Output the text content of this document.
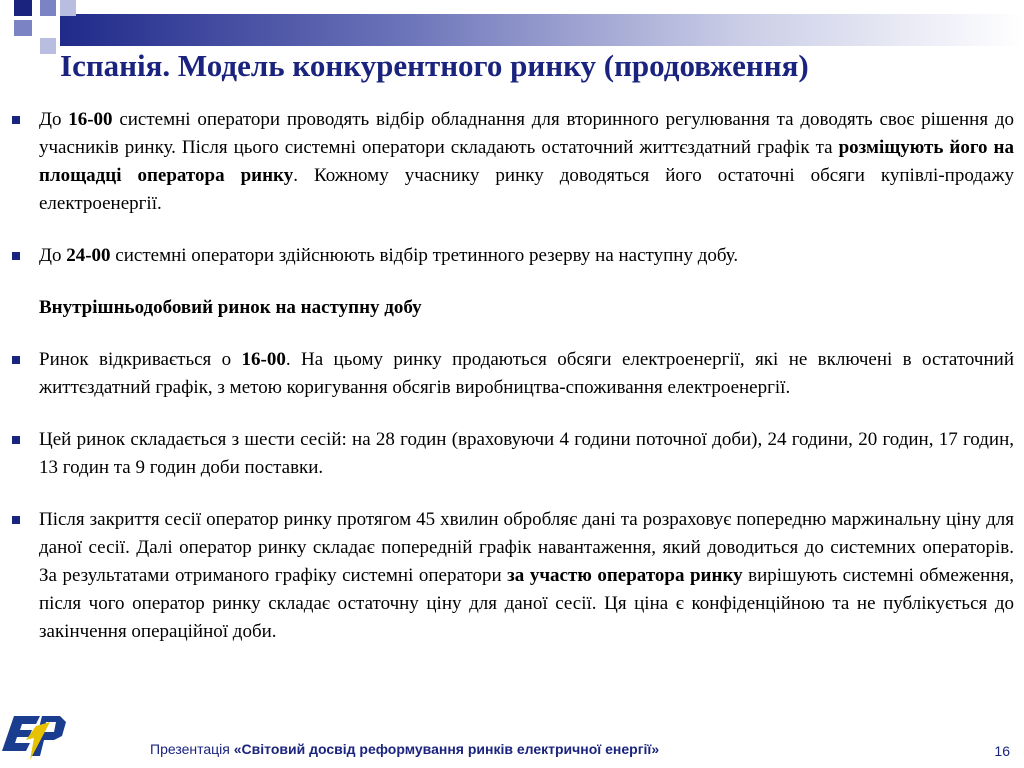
Іспанія. Модель конкурентного ринку (продовження)
До 16-00 системні оператори проводять відбір обладнання для вторинного регулювання та доводять своє рішення до учасників ринку. Після цього системні оператори складають остаточний життєздатний графік та розміщують його на площадці оператора ринку. Кожному учаснику ринку доводяться його остаточні обсяги купівлі-продажу електроенергії.
До 24-00 системні оператори здійснюють відбір третинного резерву на наступну добу.
Внутрішньодобовий ринок на наступну добу
Ринок відкривається о 16-00. На цьому ринку продаються обсяги електроенергії, які не включені в остаточний життєздатний графік, з метою коригування обсягів виробництва-споживання електроенергії.
Цей ринок складається з шести сесій: на 28 годин (враховуючи 4 години поточної доби), 24 години, 20 годин, 17 годин, 13 годин та 9 годин доби поставки.
Після закриття сесії оператор ринку протягом 45 хвилин обробляє дані та розраховує попередню маржинальну ціну для даної сесії. Далі оператор ринку складає попередній графік навантаження, який доводиться до системних операторів. За результатами отриманого графіку системні оператори за участю оператора ринку вирішують системні обмеження, після чого оператор ринку складає остаточну ціну для даної сесії. Ця ціна є конфіденційною та не публікується до закінчення операційної доби.
Презентація «Світовий досвід реформування ринків електричної енергії»	16
